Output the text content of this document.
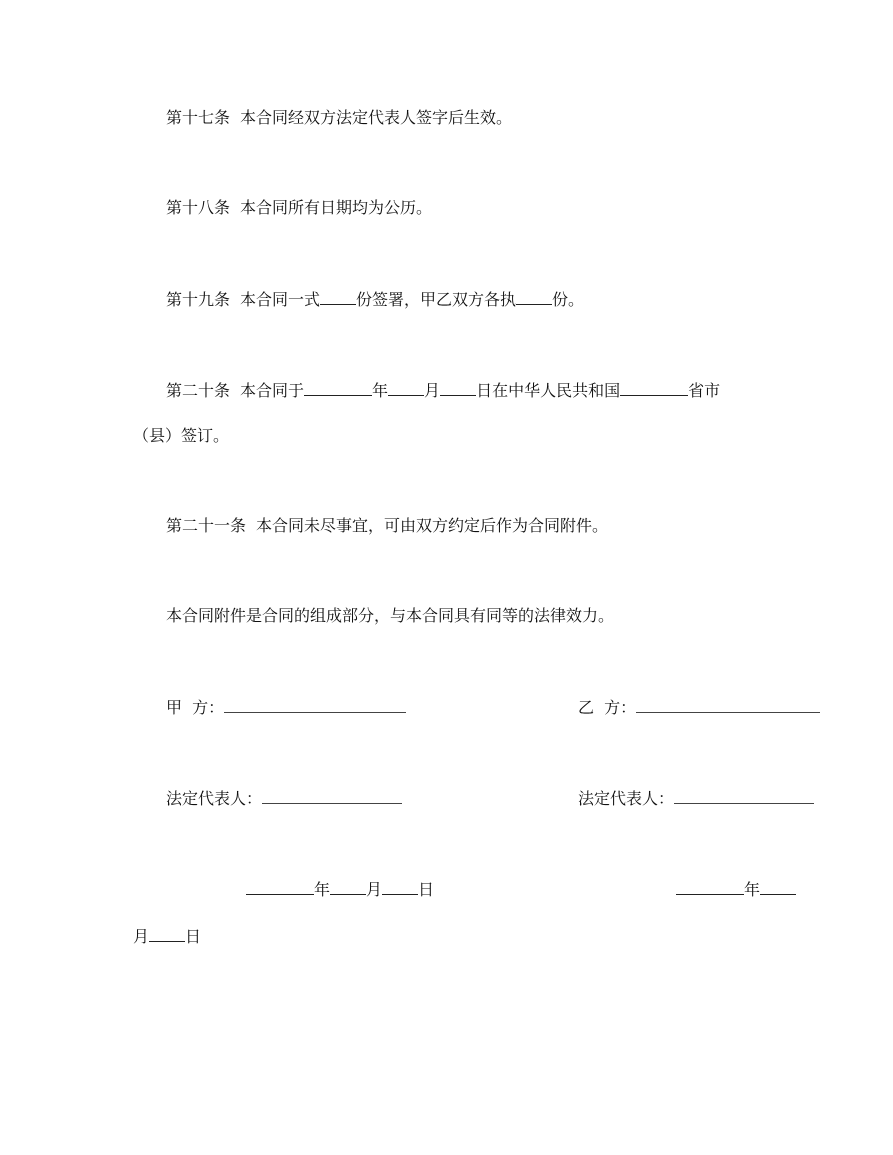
第十七条 本合同经双方法定代表人签字后生效。
第十八条 本合同所有日期均为公历。
第十九条 本合同一式 份签署，甲乙双方各执 份。
第二十条 本合同于	年 月 日在中华人民共和国	省市
（县）签订。
第二十一条 本合同未尽事宜，可由双方约定后作为合同附件。
本合同附件是合同的组成部分，与本合同具有同等的法律效力。
甲  方：	乙  方：
法定代表人：	法定代表人：
年 月 日	年
月 日
